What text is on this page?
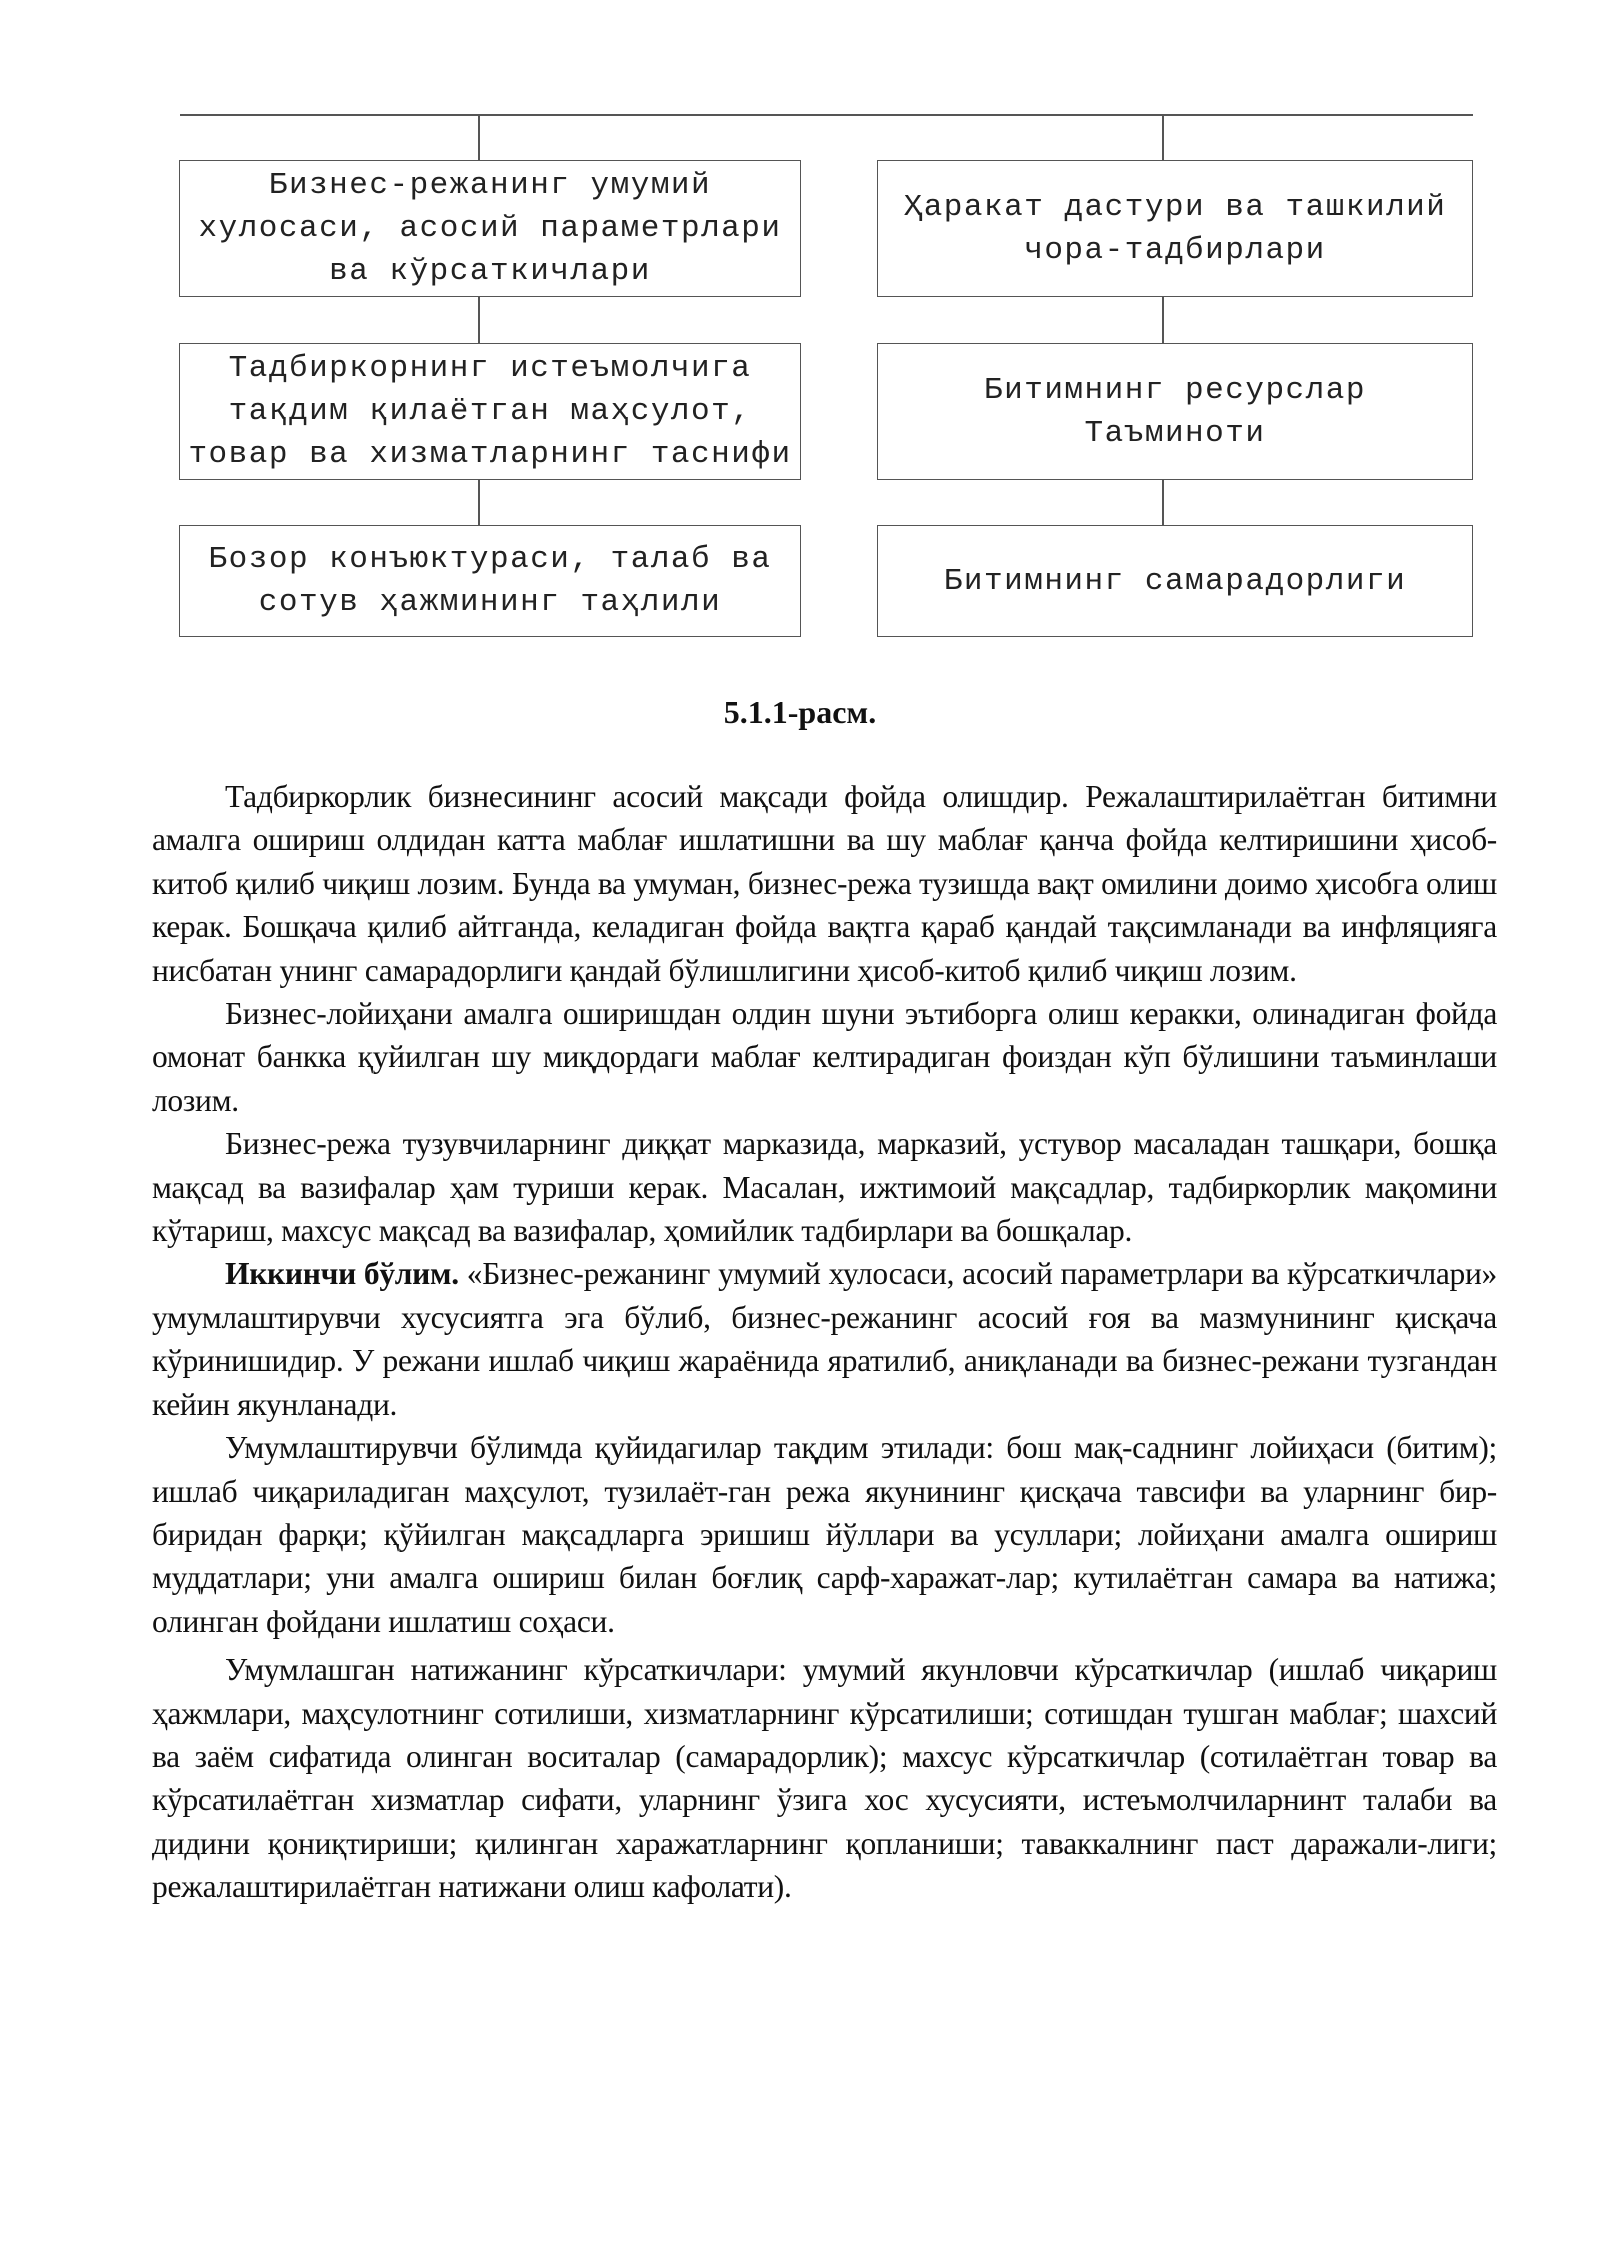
Бизнес-режанинг умумий
хулосаси, асосий параметрлари
ва кўрсаткичлари
Тадбиркорнинг истеъмолчига
тақдим қилаётган маҳсулот,
товар ва хизматларнинг таснифи
Бозор конъюктураси, талаб ва
сотув ҳажмининг таҳлили
Ҳаракат дастури ва ташкилий
чора-тадбирлари
Битимнинг ресурслар
Таъминоти
Битимнинг самарадорлиги
5.1.1-расм.

Тадбиркорлик бизнесининг асосий мақсади фойда олишдир. Режалаштирилаётган битимни амалга ошириш олдидан катта маблағ ишлатишни ва шу маблағ қанча фойда келтиришини ҳисоб-китоб қилиб чиқиш лозим. Бунда ва умуман, бизнес-режа тузишда вақт омилини доимо ҳисобга олиш керак. Бошқача қилиб айтганда, келадиган фойда вақтга қараб қандай тақсимланади ва инфляцияга нисбатан унинг самарадорлиги қандай бўлишлигини ҳисоб-китоб қилиб чиқиш лозим.

Бизнес-лойиҳани амалга оширишдан олдин шуни эътиборга олиш кeракки, олинадиган фойда омонат банкка қуйилган шу миқдордаги маблағ келтирадиган фоиздан кўп бўлишини таъминлаши лозим.

Бизнес-режа тузувчиларнинг диққат марказида, марказий, устувор масаладан ташқари, бошқа мақсад ва вазифалар ҳам туриши керак. Масалан, ижтимоий мақсадлар, тадбиркорлик мақомини кўтариш, махсус мақсад ва вазифалар, ҳомийлик тадбирлари ва бошқалар.

Иккинчи бўлим. «Бизнес-режанинг умумий хулосаси, асосий параметрлари ва кўрсаткичлари» умумлаштирувчи хусусиятга эга бўлиб, бизнес-режанинг асосий ғоя ва мазмунининг қисқача кўринишидир. У режани ишлаб чиқиш жараёнида яратилиб, аниқланади ва бизнес-режани тузгандан кейин якунланади.

Умумлаштирувчи бўлимда қуйидагилар тақдим этилади: бош мақ-саднинг лойиҳаси (битим); ишлаб чиқариладиган маҳсулот, тузилаёт-ган режа якунининг қисқача тавсифи ва уларнинг бир-биридан фарқи; қўйилган мақсадларга эришиш йўллари ва усуллари; лойиҳани амалга ошириш муддатлари; уни амалга ошириш билан боғлиқ сарф-харажат-лар; кутилаётган самара ва натижа; олинган фойдани ишлатиш соҳаси.

Умумлашган натижанинг кўрсаткичлари: умумий якунловчи кўрсаткичлар (ишлаб чиқариш ҳажмлари, маҳсулотнинг сотилиши, хизматларнинг кўрсатилиши; сотишдан тушган маблағ; шахсий ва заём сифатида олинган воситалар (самарадорлик); махсус кўрсаткичлар (сотилаётган товар ва кўрсатилаётган хизматлар сифати, уларнинг ўзига хос хусусияти, истеъмолчиларнинт талаби ва дидини қониқтириши; қилинган харажатларнинг қопланиши; таваккалнинг паст даражали-лиги; режалаштирилаётган натижани олиш кафолати).
